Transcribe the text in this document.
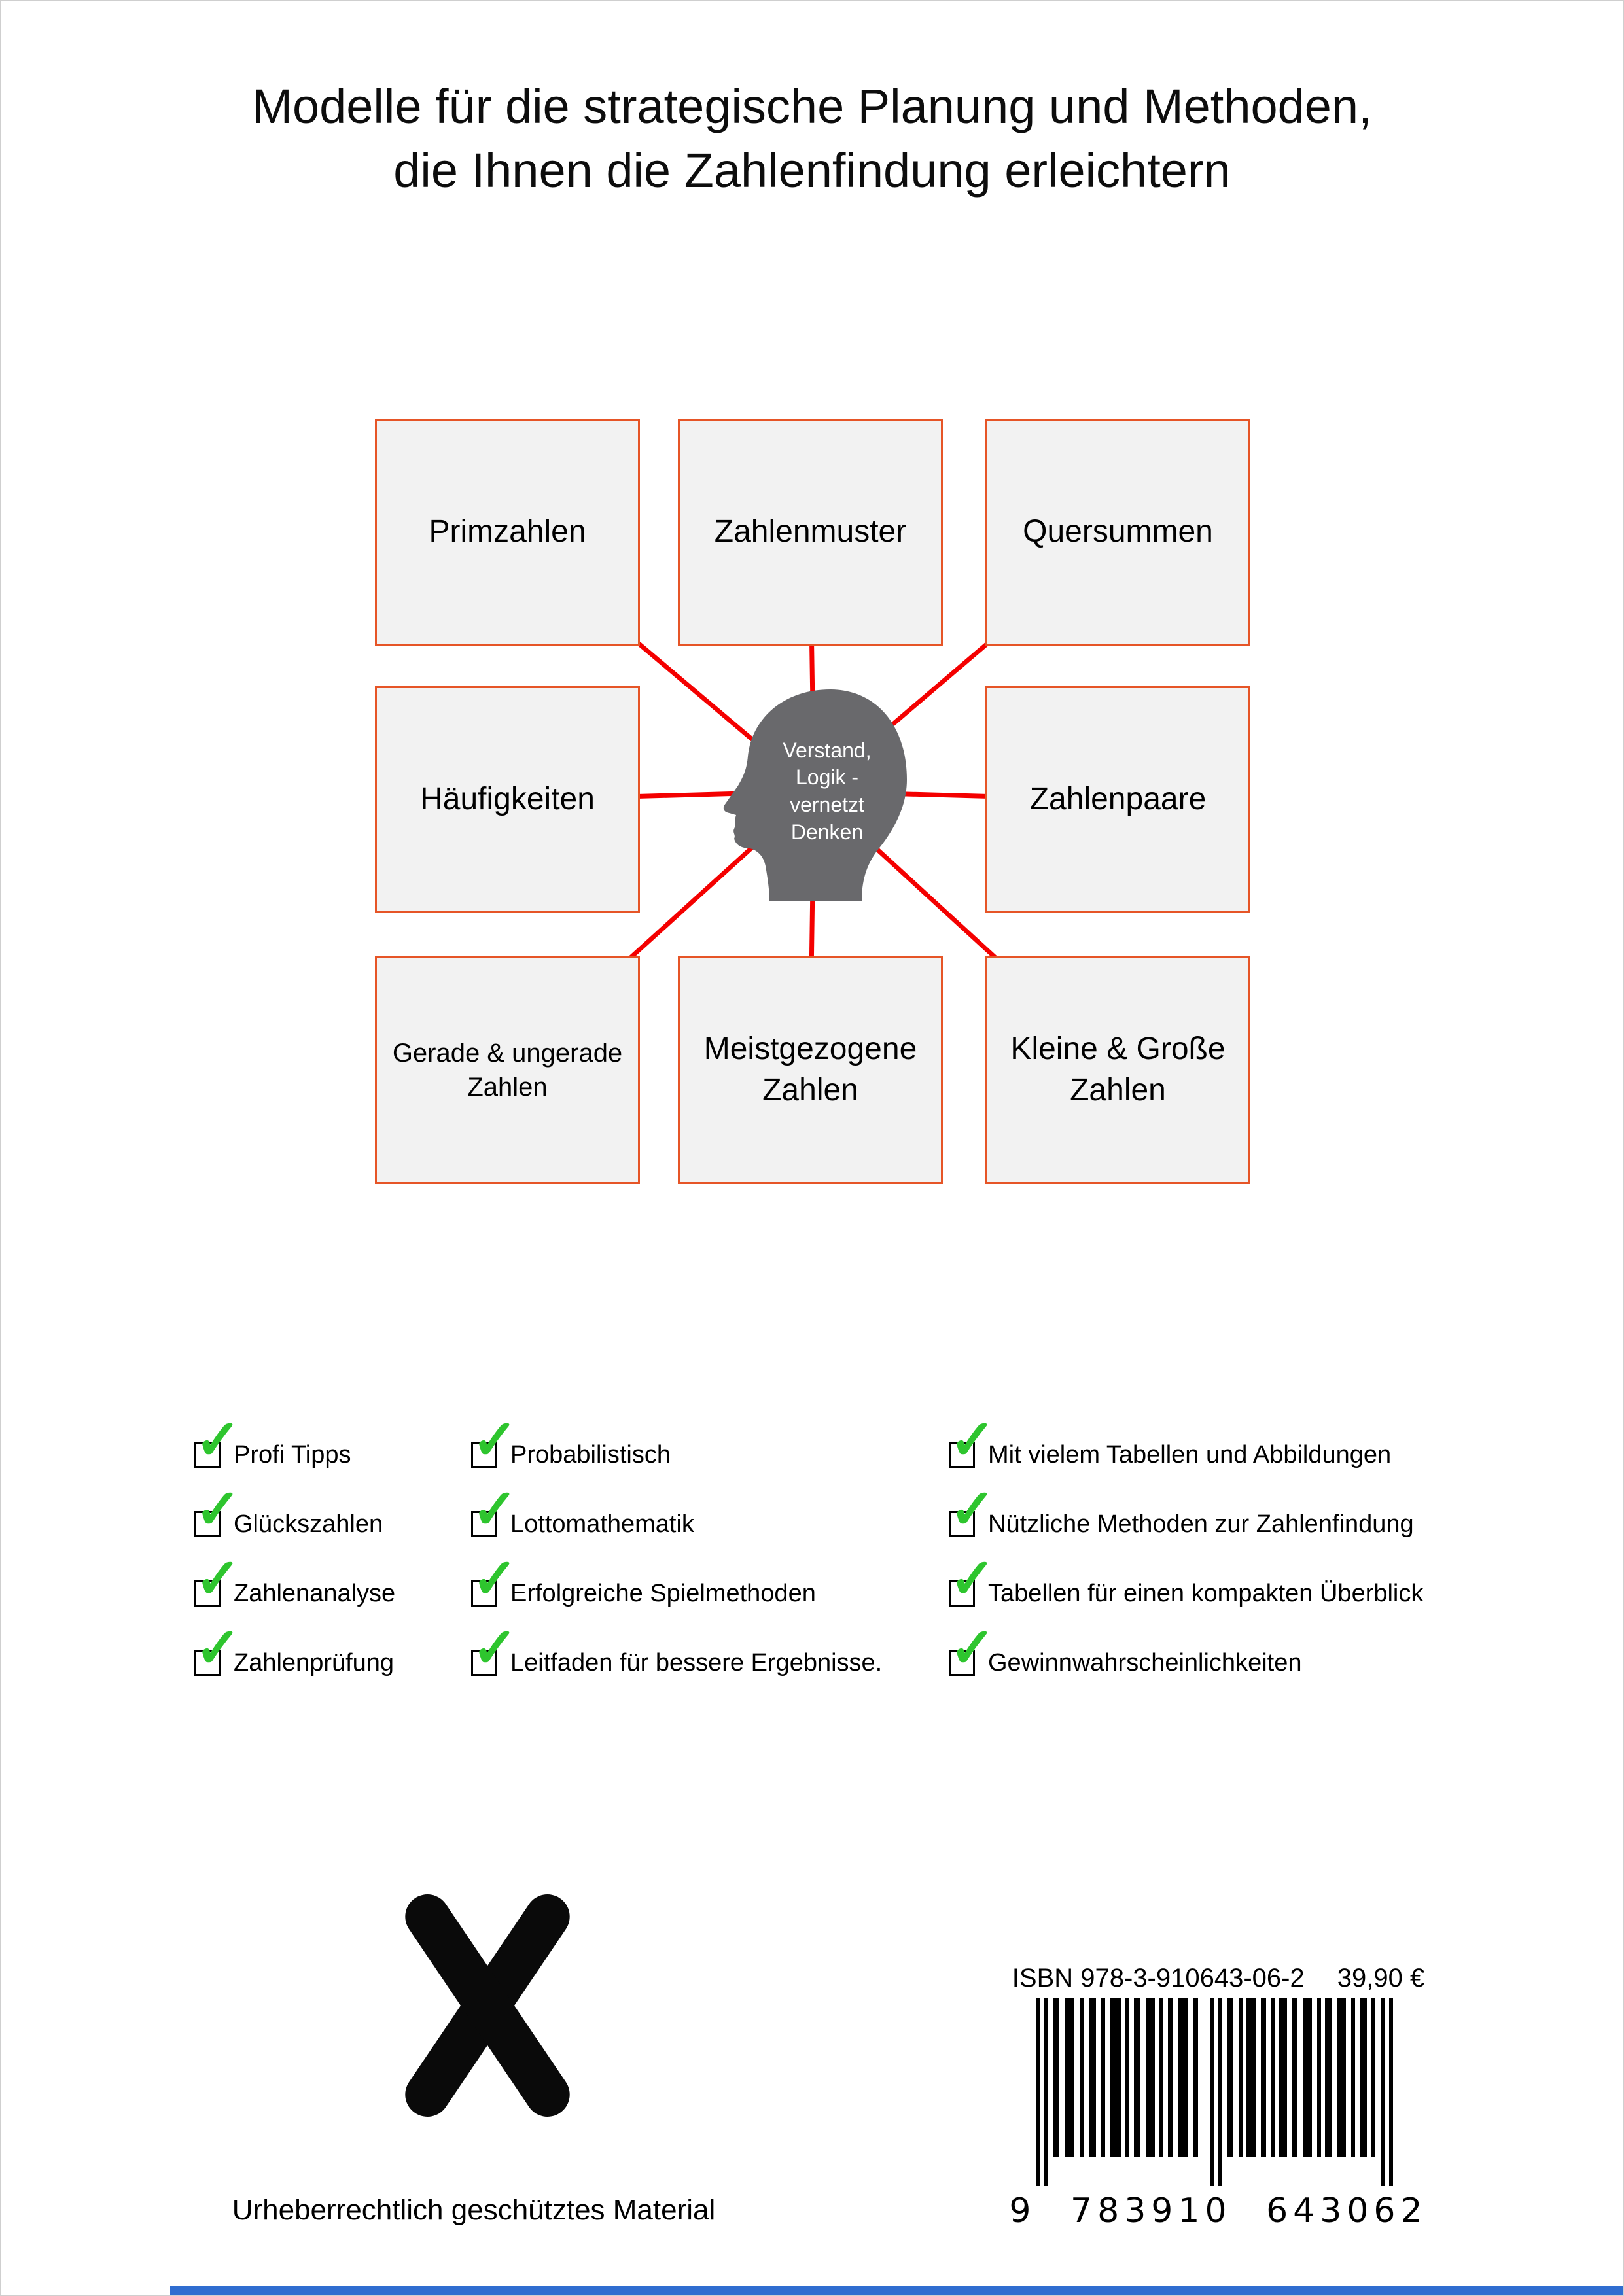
Modelle für die strategische Planung und Methoden,
die Ihnen die Zahlenfindung erleichtern
Primzahlen	Zahlenmuster	Quersummen
Häufigkeiten	Zahlenpaare
Gerade & ungerade Zahlen
Meistgezogene Zahlen
Kleine & Große Zahlen
Verstand,
Logik -
vernetzt
Denken
✓
Profi Tipps
✓
Glückszahlen
✓
Zahlenanalyse
✓
Zahlenprüfung
✓
Probabilistisch
✓
Lottomathematik
✓
Erfolgreiche Spielmethoden
✓
Leitfaden für bessere Ergebnisse.
✓
Mit vielem Tabellen und Abbildungen
✓
Nützliche Methoden zur Zahlenfindung
✓
Tabellen für einen kompakten Überblick
✓
Gewinnwahrscheinlichkeiten
Urheberrechtlich geschütztes Material
ISBN 978-3-910643-06-2 39,90 €
9 783910 643062
